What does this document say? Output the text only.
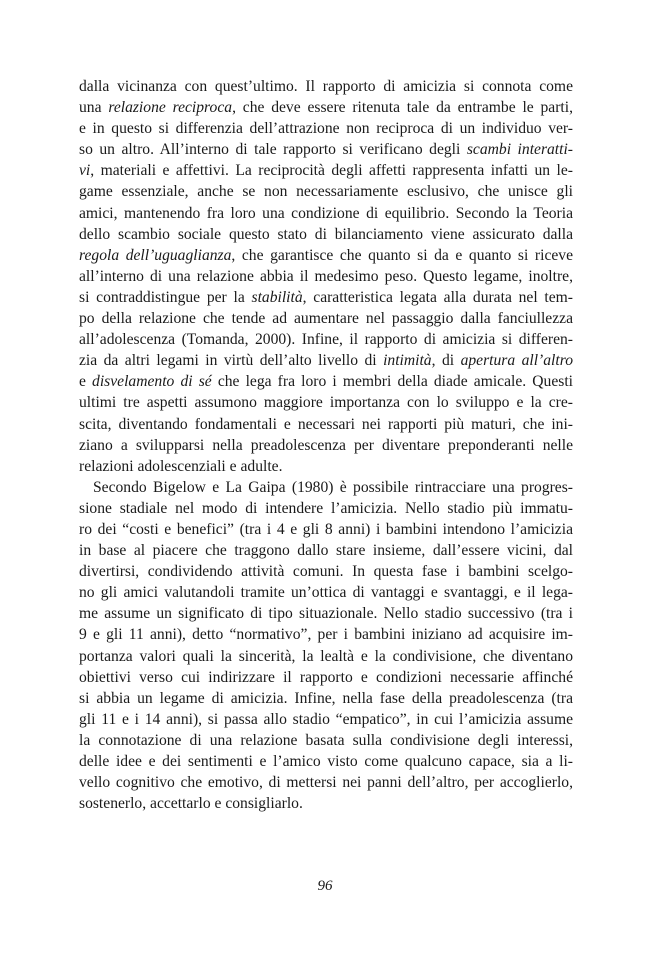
dalla vicinanza con quest’ultimo. Il rapporto di amicizia si connota come
una relazione reciproca, che deve essere ritenuta tale da entrambe le parti,
e in questo si differenzia dell’attrazione non reciproca di un individuo ver-
so un altro. All’interno di tale rapporto si verificano degli scambi interatti-
vi, materiali e affettivi. La reciprocità degli affetti rappresenta infatti un le-
game essenziale, anche se non necessariamente esclusivo, che unisce gli
amici, mantenendo fra loro una condizione di equilibrio. Secondo la Teoria
dello scambio sociale questo stato di bilanciamento viene assicurato dalla
regola dell’uguaglianza, che garantisce che quanto si da e quanto si riceve
all’interno di una relazione abbia il medesimo peso. Questo legame, inoltre,
si contraddistingue per la stabilità, caratteristica legata alla durata nel tem-
po della relazione che tende ad aumentare nel passaggio dalla fanciullezza
all’adolescenza (Tomanda, 2000). Infine, il rapporto di amicizia si differen-
zia da altri legami in virtù dell’alto livello di intimità, di apertura all’altro
e disvelamento di sé che lega fra loro i membri della diade amicale. Questi
ultimi tre aspetti assumono maggiore importanza con lo sviluppo e la cre-
scita, diventando fondamentali e necessari nei rapporti più maturi, che ini-
ziano a svilupparsi nella preadolescenza per diventare preponderanti nelle
relazioni adolescenziali e adulte.
Secondo Bigelow e La Gaipa (1980) è possibile rintracciare una progres-
sione stadiale nel modo di intendere l’amicizia. Nello stadio più immatu-
ro dei “costi e benefici” (tra i 4 e gli 8 anni) i bambini intendono l’amicizia
in base al piacere che traggono dallo stare insieme, dall’essere vicini, dal
divertirsi, condividendo attività comuni. In questa fase i bambini scelgo-
no gli amici valutandoli tramite un’ottica di vantaggi e svantaggi, e il lega-
me assume un significato di tipo situazionale. Nello stadio successivo (tra i
9 e gli 11 anni), detto “normativo”, per i bambini iniziano ad acquisire im-
portanza valori quali la sincerità, la lealtà e la condivisione, che diventano
obiettivi verso cui indirizzare il rapporto e condizioni necessarie affinché
si abbia un legame di amicizia. Infine, nella fase della preadolescenza (tra
gli 11 e i 14 anni), si passa allo stadio “empatico”, in cui l’amicizia assume
la connotazione di una relazione basata sulla condivisione degli interessi,
delle idee e dei sentimenti e l’amico visto come qualcuno capace, sia a li-
vello cognitivo che emotivo, di mettersi nei panni dell’altro, per accoglierlo,
sostenerlo, accettarlo e consigliarlo.
96
